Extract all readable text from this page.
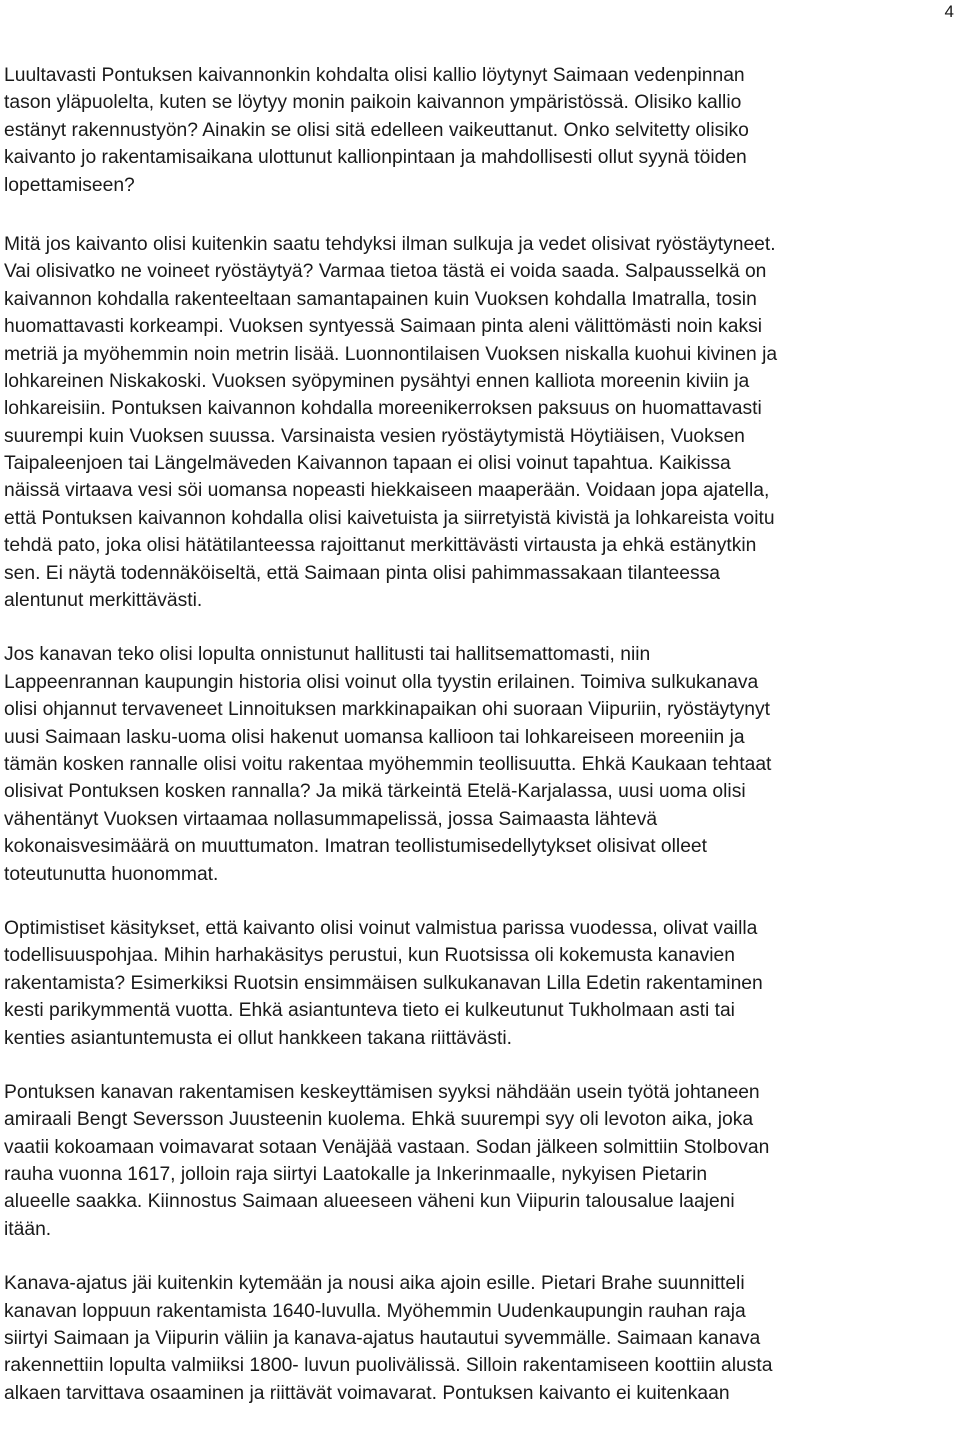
4

Luultavasti Pontuksen kaivannonkin kohdalta olisi kallio löytynyt Saimaan vedenpinnan
tason yläpuolelta, kuten se löytyy monin paikoin kaivannon ympäristössä. Olisiko kallio
estänyt rakennustyön? Ainakin se olisi sitä edelleen vaikeuttanut. Onko selvitetty olisiko
kaivanto jo rakentamisaikana ulottunut kallionpintaan ja mahdollisesti ollut syynä töiden
lopettamiseen?

Mitä jos kaivanto olisi kuitenkin saatu tehdyksi ilman sulkuja ja vedet olisivat ryöstäytyneet.
Vai olisivatko ne voineet ryöstäytyä? Varmaa tietoa tästä ei voida saada. Salpausselkä on
kaivannon kohdalla rakenteeltaan samantapainen kuin Vuoksen kohdalla Imatralla, tosin
huomattavasti korkeampi. Vuoksen syntyessä Saimaan pinta aleni välittömästi noin kaksi
metriä ja myöhemmin noin metrin lisää. Luonnontilaisen Vuoksen niskalla kuohui kivinen ja
lohkareinen Niskakoski. Vuoksen syöpyminen pysähtyi ennen kalliota moreenin kiviin ja
lohkareisiin. Pontuksen kaivannon kohdalla moreenikerroksen paksuus on huomattavasti
suurempi kuin Vuoksen suussa. Varsinaista vesien ryöstäytymistä Höytiäisen, Vuoksen
Taipaleenjoen tai Längelmäveden Kaivannon tapaan ei olisi voinut tapahtua. Kaikissa
näissä virtaava vesi söi uomansa nopeasti hiekkaiseen maaperään. Voidaan jopa ajatella,
että Pontuksen kaivannon kohdalla olisi kaivetuista ja siirretyistä kivistä ja lohkareista voitu
tehdä pato, joka olisi hätätilanteessa rajoittanut merkittävästi virtausta ja ehkä estänytkin
sen. Ei näytä todennäköiseltä, että Saimaan pinta olisi pahimmassakaan tilanteessa
alentunut merkittävästi.

Jos kanavan teko olisi lopulta onnistunut hallitusti tai hallitsemattomasti, niin
Lappeenrannan kaupungin historia olisi voinut olla tyystin erilainen. Toimiva sulkukanava
olisi ohjannut tervaveneet Linnoituksen markkinapaikan ohi suoraan Viipuriin, ryöstäytynyt
uusi Saimaan lasku-uoma olisi hakenut uomansa kallioon tai lohkareiseen moreeniin ja
tämän kosken rannalle olisi voitu rakentaa myöhemmin teollisuutta. Ehkä Kaukaan tehtaat
olisivat Pontuksen kosken rannalla? Ja mikä tärkeintä Etelä-Karjalassa, uusi uoma olisi
vähentänyt Vuoksen virtaamaa nollasummapelissä, jossa Saimaasta lähtevä
kokonaisvesimäärä on muuttumaton. Imatran teollistumisedellytykset olisivat olleet
toteutunutta huonommat.

Optimistiset käsitykset, että kaivanto olisi voinut valmistua parissa vuodessa, olivat vailla
todellisuuspohjaa. Mihin harhakäsitys perustui, kun Ruotsissa oli kokemusta kanavien
rakentamista? Esimerkiksi Ruotsin ensimmäisen sulkukanavan Lilla Edetin rakentaminen
kesti parikymmentä vuotta. Ehkä asiantunteva tieto ei kulkeutunut Tukholmaan asti tai
kenties asiantuntemusta ei ollut hankkeen takana riittävästi.

Pontuksen kanavan rakentamisen keskeyttämisen syyksi nähdään usein työtä johtaneen
amiraali Bengt Seversson Juusteenin kuolema. Ehkä suurempi syy oli levoton aika, joka
vaatii kokoamaan voimavarat sotaan Venäjää vastaan. Sodan jälkeen solmittiin Stolbovan
rauha vuonna 1617, jolloin raja siirtyi Laatokalle ja Inkerinmaalle, nykyisen Pietarin
alueelle saakka. Kiinnostus Saimaan alueeseen väheni kun Viipurin talousalue laajeni
itään.

Kanava-ajatus jäi kuitenkin kytemään ja nousi aika ajoin esille. Pietari Brahe suunnitteli
kanavan loppuun rakentamista 1640-luvulla. Myöhemmin Uudenkaupungin rauhan raja
siirtyi Saimaan ja Viipurin väliin ja kanava-ajatus hautautui syvemmälle. Saimaan kanava
rakennettiin lopulta valmiiksi 1800- luvun puolivälissä. Silloin rakentamiseen koottiin alusta
alkaen tarvittava osaaminen ja riittävät voimavarat. Pontuksen kaivanto ei kuitenkaan
